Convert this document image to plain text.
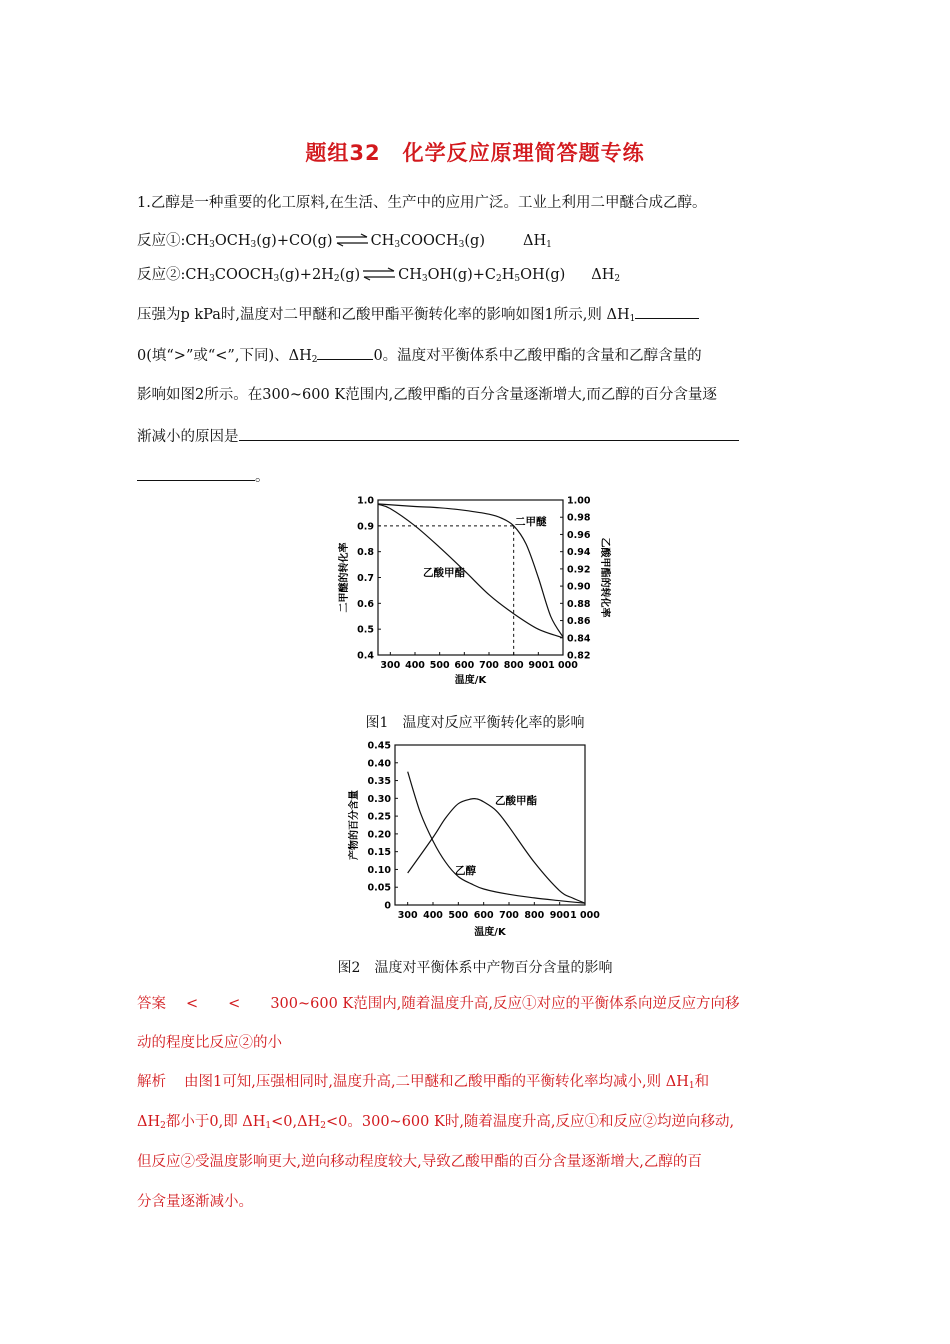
题组32　化学反应原理简答题专练
1.乙醇是一种重要的化工原料,在生活、生产中的应用广泛。工业上利用二甲醚合成乙醇。
反应$①:CH_3OCH_3(g)+CO(g)$ ⇌ $CH_3COOCH_3(g)$	$\Delta H_1$
反应$②:CH_3COOCH_3(g)+2H_2(g)$ ⇌ $CH_3OH(g)+C_2H_5OH(g)$ $\Delta H_2$
压强为p kPa时,温度对二甲醚和乙酸甲酯平衡转化率的影响如图1所示,则 $\Delta H_1$
0(填“>”或“<”,下同)、$\Delta H_2$	0。温度对平衡体系中乙酸甲酯的含量和乙醇含量的
影响如图2所示。在300~600 K范围内,乙酸甲酯的百分含量逐渐增大,而乙醇的百分含量逐
渐减小的原因是
。
300 400 500 600 700 800 900 1 000
0.4
0.5
0.6
0.7
0.8
0.9
1.0
0.82
0.84
0.86
0.88
0.90
0.92
0.94
0.96
0.98
1.00
温度/K
二甲醚的转化率	乙酸甲酯的转化率
二甲醚
乙酸甲酯
图1　温度对反应平衡转化率的影响
300 400 500 600 700 800 900 1 000
0
0.05
0.10
0.15
0.20
0.25
0.30
0.35
0.40
0.45
温度/K
产物的百分含量	乙酸甲酯
乙醇
图2　温度对平衡体系中产物百分含量的影响
答案 < < 300~600 K范围内,随着温度升高,反应①对应的平衡体系向逆反应方向移
动的程度比反应②的小
解析 由图1可知,压强相同时,温度升高,二甲醚和乙酸甲酯的平衡转化率均减小,则 $\Delta H_1$和
$\Delta H_2$都小于0,即 $\Delta H_1<0,\Delta H_2<0$。300~600 K时,随着温度升高,反应①和反应②均逆向移动,
但反应②受温度影响更大,逆向移动程度较大,导致乙酸甲酯的百分含量逐渐增大,乙醇的百
分含量逐渐减小。
